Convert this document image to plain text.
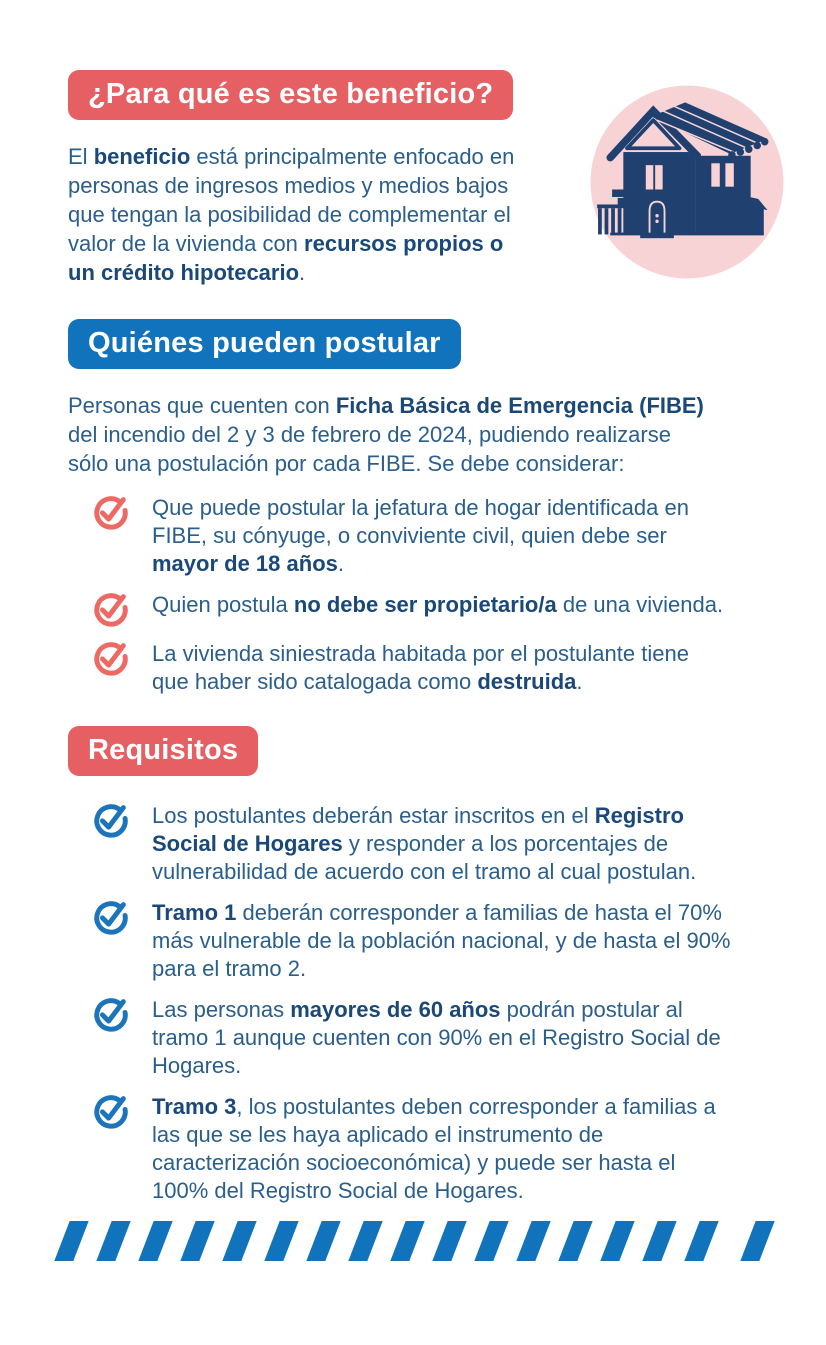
¿Para qué es este beneficio?

El beneficio está principalmente enfocado en
personas de ingresos medios y medios bajos
que tengan la posibilidad de complementar el
valor de la vivienda con recursos propios o
un crédito hipotecario.

Quiénes pueden postular

Personas que cuenten con Ficha Básica de Emergencia (FIBE)
del incendio del 2 y 3 de febrero de 2024, pudiendo realizarse
sólo una postulación por cada FIBE. Se debe considerar:

Que puede postular la jefatura de hogar identificada en
FIBE, su cónyuge, o conviviente civil, quien debe ser
mayor de 18 años.
Quien postula no debe ser propietario/a de una vivienda.
La vivienda siniestrada habitada por el postulante tiene
que haber sido catalogada como destruida.
Requisitos
Los postulantes deberán estar inscritos en el Registro
Social de Hogares y responder a los porcentajes de
vulnerabilidad de acuerdo con el tramo al cual postulan.
Tramo 1 deberán corresponder a familias de hasta el 70%
más vulnerable de la población nacional, y de hasta el 90%
para el tramo 2.
Las personas mayores de 60 años podrán postular al
tramo 1 aunque cuenten con 90% en el Registro Social de
Hogares.
Tramo 3, los postulantes deben corresponder a familias a
las que se les haya aplicado el instrumento de
caracterización socioeconómica) y puede ser hasta el
100% del Registro Social de Hogares.
